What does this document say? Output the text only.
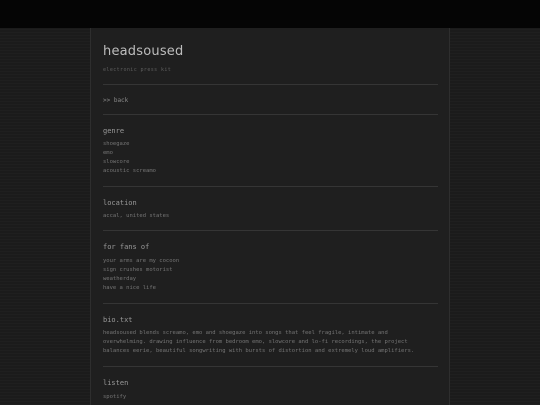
headsoused
electronic press kit
>> back
genre
shoegaze
emo
slowcore
acoustic screamo
location
accal, united states
for fans of
your arms are my cocoon
sign crushes motorist
weatherday
have a nice life
bio.txt
headsoused blends screamo, emo and shoegaze into songs that feel fragile, intimate and
overwhelming. drawing influence from bedroom emo, slowcore and lo-fi recordings, the project
balances eerie, beautiful songwriting with bursts of distortion and extremely loud amplifiers.
listen
spotify
